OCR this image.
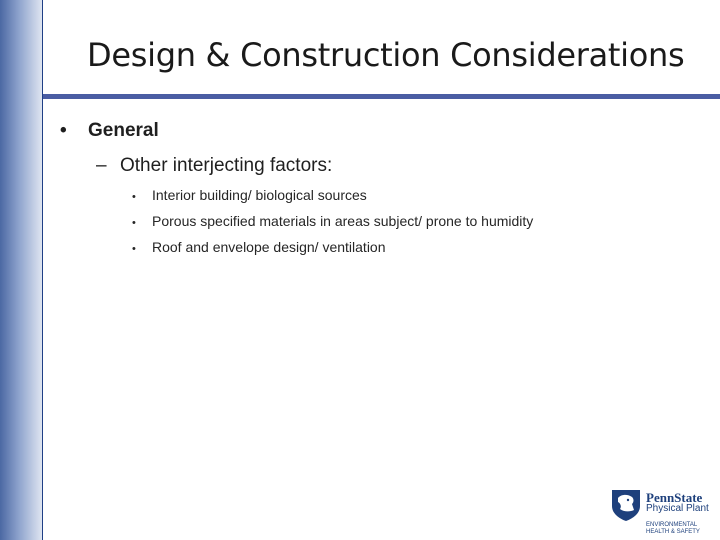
Design & Construction Considerations
• General
– Other interjecting factors:
• Interior building/ biological sources
• Porous specified materials in areas subject/ prone to humidity
• Roof and envelope design/ ventilation
PennState
Physical Plant
ENVIRONMENTAL
HEALTH & SAFETY
